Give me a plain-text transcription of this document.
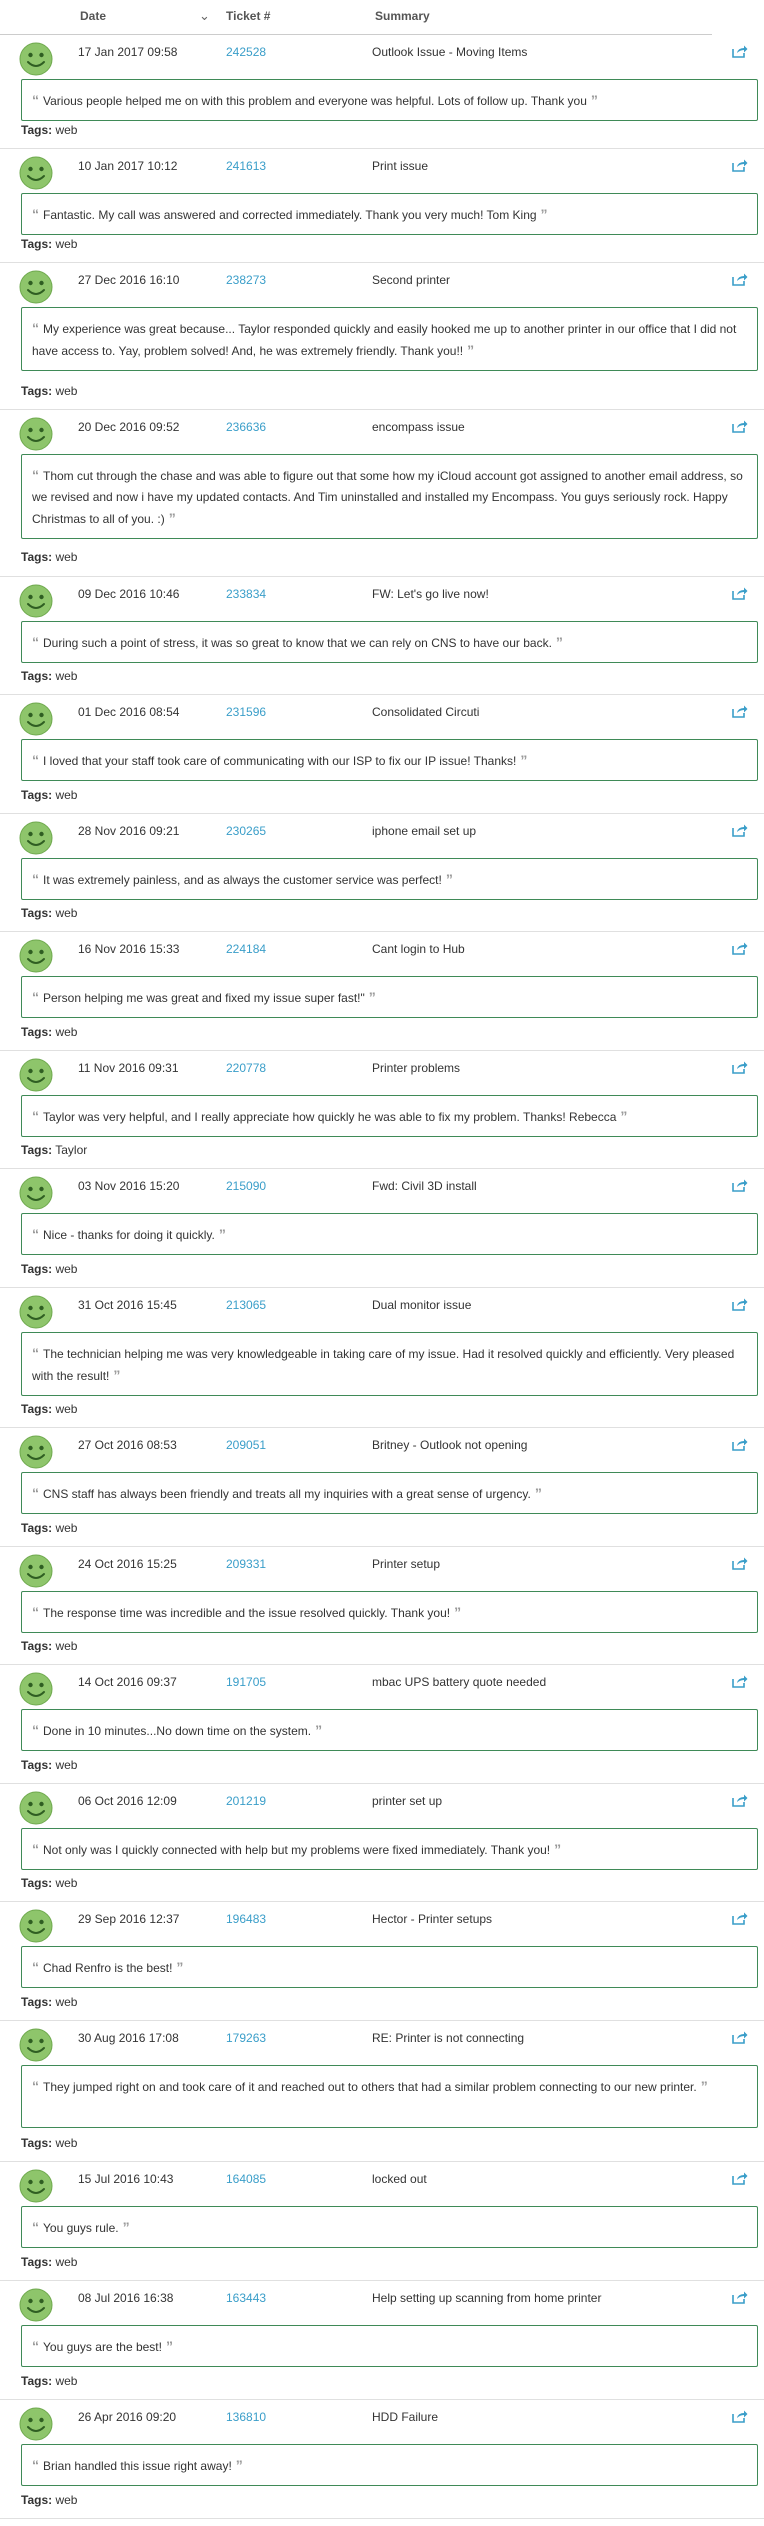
Date	⌄ Ticket #	Summary
17 Jan 2017 09:58	242528	Outlook Issue - Moving Items
“ Various people helped me on with this problem and everyone was helpful. Lots of follow up. Thank you ”
Tags: web
10 Jan 2017 10:12	241613	Print issue
“ Fantastic. My call was answered and corrected immediately. Thank you very much! Tom King ”
Tags: web
27 Dec 2016 16:10	238273	Second printer
“ My experience was great because... Taylor responded quickly and easily hooked me up to another printer in our office that I did not have access to. Yay, problem solved! And, he was extremely friendly. Thank you!! ”
Tags: web
20 Dec 2016 09:52	236636	encompass issue
“ Thom cut through the chase and was able to figure out that some how my iCloud account got assigned to another email address, so we revised and now i have my updated contacts. And Tim uninstalled and installed my Encompass. You guys seriously rock. Happy Christmas to all of you. :) ”
Tags: web
09 Dec 2016 10:46	233834	FW: Let's go live now!
“ During such a point of stress, it was so great to know that we can rely on CNS to have our back. ”
Tags: web
01 Dec 2016 08:54	231596	Consolidated Circuti
“ I loved that your staff took care of communicating with our ISP to fix our IP issue! Thanks! ”
Tags: web
28 Nov 2016 09:21	230265	iphone email set up
“ It was extremely painless, and as always the customer service was perfect! ”
Tags: web
16 Nov 2016 15:33	224184	Cant login to Hub
“ Person helping me was great and fixed my issue super fast!" ”
Tags: web
11 Nov 2016 09:31	220778	Printer problems
“ Taylor was very helpful, and I really appreciate how quickly he was able to fix my problem. Thanks! Rebecca ”
Tags: Taylor
03 Nov 2016 15:20	215090	Fwd: Civil 3D install
“ Nice - thanks for doing it quickly. ”
Tags: web
31 Oct 2016 15:45	213065	Dual monitor issue
“ The technician helping me was very knowledgeable in taking care of my issue. Had it resolved quickly and efficiently. Very pleased with the result! ”
Tags: web
27 Oct 2016 08:53	209051	Britney - Outlook not opening
“ CNS staff has always been friendly and treats all my inquiries with a great sense of urgency. ”
Tags: web
24 Oct 2016 15:25	209331	Printer setup
“ The response time was incredible and the issue resolved quickly. Thank you! ”
Tags: web
14 Oct 2016 09:37	191705	mbac UPS battery quote needed
“ Done in 10 minutes...No down time on the system. ”
Tags: web
06 Oct 2016 12:09	201219	printer set up
“ Not only was I quickly connected with help but my problems were fixed immediately. Thank you! ”
Tags: web
29 Sep 2016 12:37	196483	Hector - Printer setups
“ Chad Renfro is the best! ”
Tags: web
30 Aug 2016 17:08	179263	RE: Printer is not connecting
“ They jumped right on and took care of it and reached out to others that had a similar problem connecting to our new printer. ”
Tags: web
15 Jul 2016 10:43	164085	locked out
“ You guys rule. ”
Tags: web
08 Jul 2016 16:38	163443	Help setting up scanning from home printer
“ You guys are the best! ”
Tags: web
26 Apr 2016 09:20	136810	HDD Failure
“ Brian handled this issue right away! ”
Tags: web
